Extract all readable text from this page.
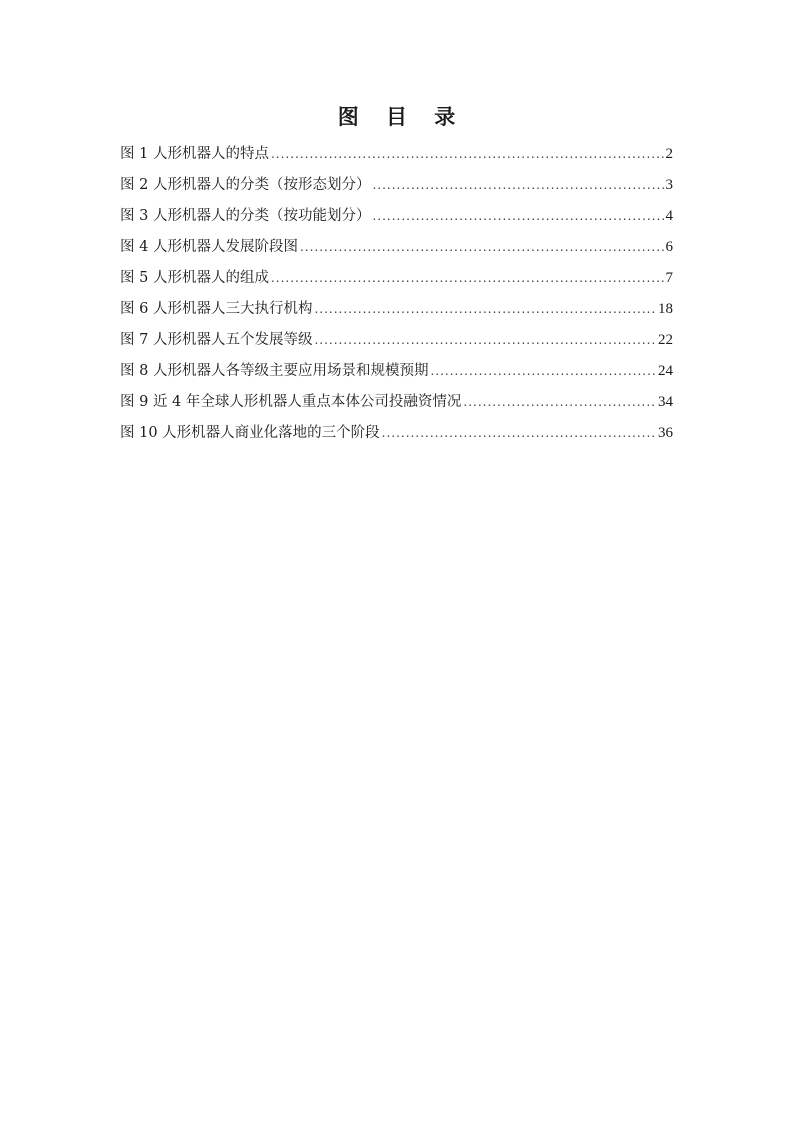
图 目 录
图 1 人形机器人的特点 .....	2
图 2 人形机器人的分类（按形态划分） .....	3
图 3 人形机器人的分类（按功能划分） .....	4
图 4 人形机器人发展阶段图 .....	6
图 5 人形机器人的组成 .....	7
图 6 人形机器人三大执行机构 .....	18
图 7 人形机器人五个发展等级 .....	22
图 8 人形机器人各等级主要应用场景和规模预期 .....	24
图 9 近 4 年全球人形机器人重点本体公司投融资情况 .....	34
图 10 人形机器人商业化落地的三个阶段 .....	36
